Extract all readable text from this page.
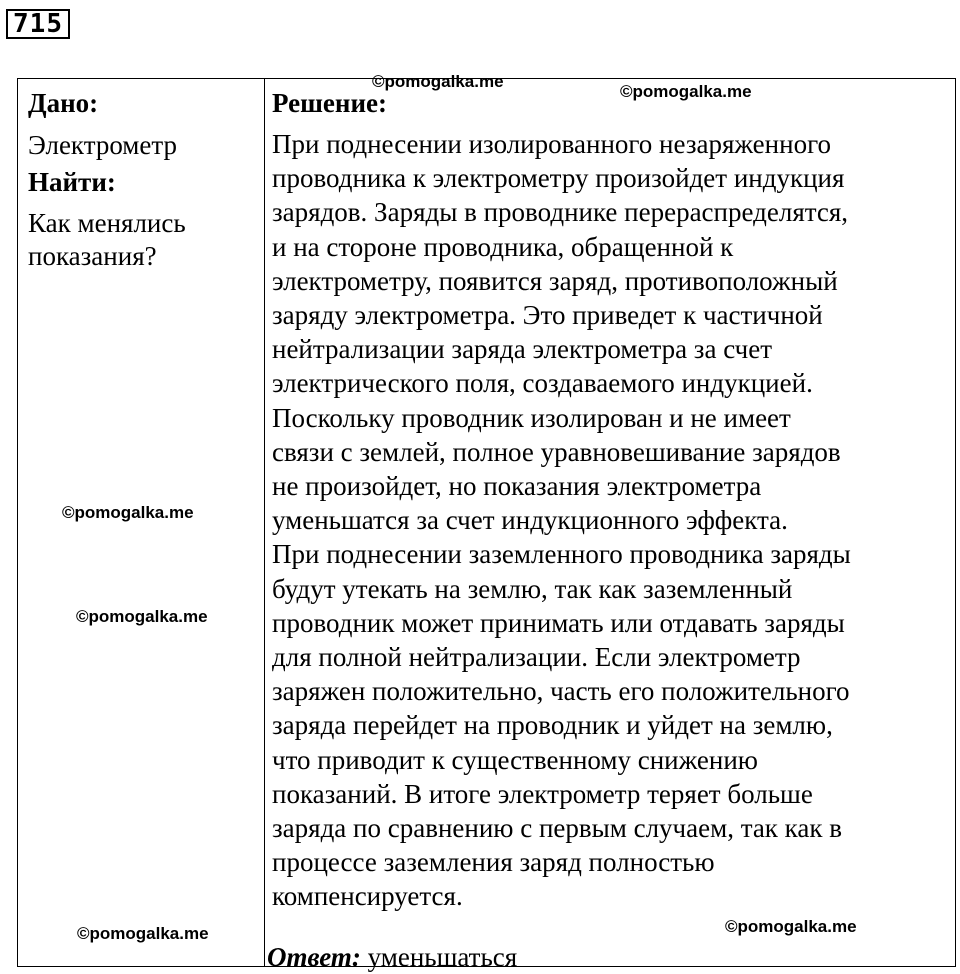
715
Дано:
Электрометр
Найти:
Как менялись
показания?
Решение:

При поднесении изолированного незаряженного
проводника к электрометру произойдет индукция
зарядов. Заряды в проводнике перераспределятся,
и на стороне проводника, обращенной к
электрометру, появится заряд, противоположный
заряду электрометра. Это приведет к частичной
нейтрализации заряда электрометра за счет
электрического поля, создаваемого индукцией.
Поскольку проводник изолирован и не имеет
связи с землей, полное уравновешивание зарядов
не произойдет, но показания электрометра
уменьшатся за счет индукционного эффекта.

При поднесении заземленного проводника заряды
будут утекать на землю, так как заземленный
проводник может принимать или отдавать заряды
для полной нейтрализации. Если электрометр
заряжен положительно, часть его положительного
заряда перейдет на проводник и уйдет на землю,
что приводит к существенному снижению
показаний. В итоге электрометр теряет больше
заряда по сравнению с первым случаем, так как в
процессе заземления заряд полностью
компенсируется.

Ответ: уменьшаться
©pomogalka.me
©pomogalka.me
©pomogalka.me
©pomogalka.me
©pomogalka.me	©pomogalka.me
